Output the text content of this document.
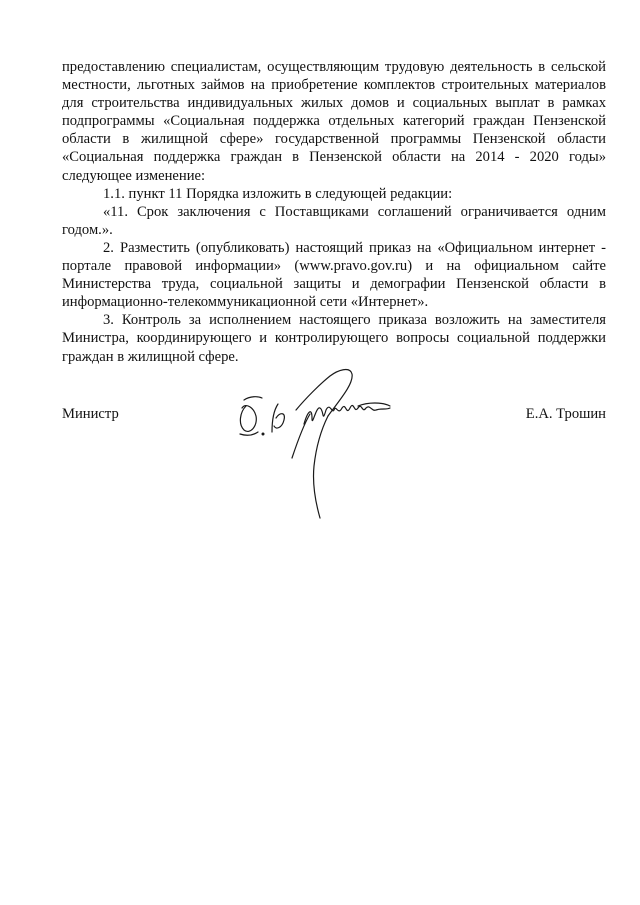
предоставлению специалистам, осуществляющим трудовую деятельность в сельской местности, льготных займов на приобретение комплектов строительных материалов для строительства индивидуальных жилых домов и социальных выплат в рамках подпрограммы «Социальная поддержка отдельных категорий граждан Пензенской области в жилищной сфере» государственной программы Пензенской области «Социальная поддержка граждан в Пензенской области на 2014 - 2020 годы» следующее изменение:

1.1. пункт 11 Порядка изложить в следующей редакции:

«11. Срок заключения с Поставщиками соглашений ограничивается одним годом.».

2. Разместить (опубликовать) настоящий приказ на «Официальном интернет - портале правовой информации» (www.pravo.gov.ru) и на официальном сайте Министерства труда, социальной защиты и демографии Пензенской области в информационно-телекоммуникационной сети «Интернет».

3. Контроль за исполнением настоящего приказа возложить на заместителя Министра, координирующего и контролирующего вопросы социальной поддержки граждан в жилищной сфере.

Министр	Е.А. Трошин
